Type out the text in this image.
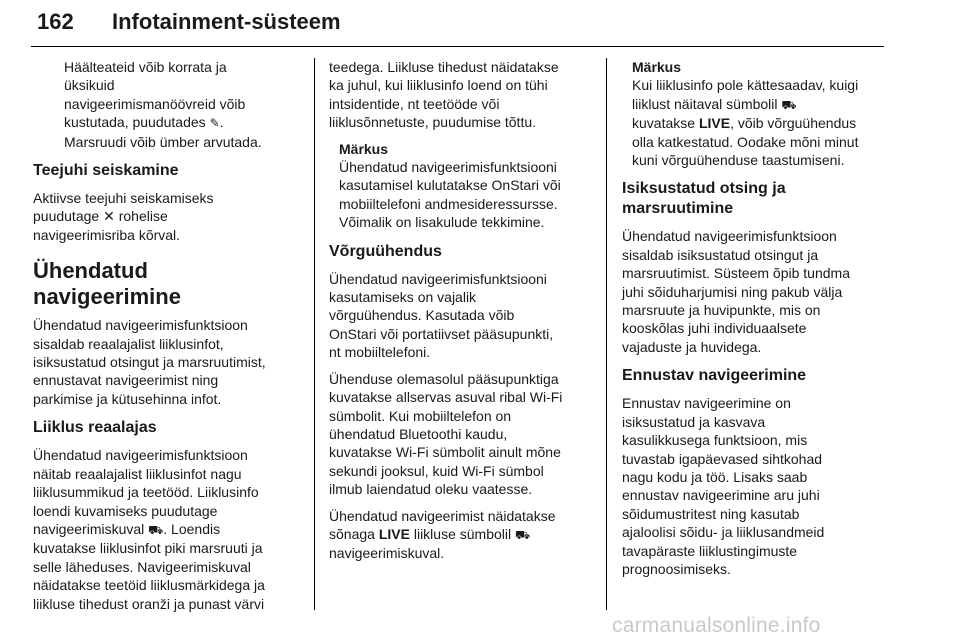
162 Infotainment-süsteem

Häälteateid võib korrata ja
üksikuid
navigeerimismanöövreid võib
kustutada, puudutades ✎.
Marsruudi võib ümber arvutada.

Teejuhi seiskamine

Aktiivse teejuhi seiskamiseks
puudutage ✕ rohelise
navigeerimisriba kõrval.

Ühendatud navigeerimine

Ühendatud navigeerimisfunktsioon
sisaldab reaalajalist liiklusinfot,
isiksustatud otsingut ja marsruutimist,
ennustavat navigeerimist ning
parkimise ja kütusehinna infot.

Liiklus reaalajas

Ühendatud navigeerimisfunktsioon
näitab reaalajalist liiklusinfot nagu
liiklusummikud ja teetööd. Liiklusinfo
loendi kuvamiseks puudutage
navigeerimiskuval ⛟. Loendis
kuvatakse liiklusinfot piki marsruuti ja
selle läheduses. Navigeerimiskuval
näidatakse teetöid liiklusmärkidega ja
liikluse tihedust oranži ja punast värvi

teedega. Liikluse tihedust näidatakse
ka juhul, kui liiklusinfo loend on tühi
intsidentide, nt teetööde või
liiklusõnnetuste, puudumise tõttu.

Märkus
Ühendatud navigeerimisfunktsiooni
kasutamisel kulutatakse OnStari või
mobiiltelefoni andmesideressursse.
Võimalik on lisakulude tekkimine.
Võrguühendus

Ühendatud navigeerimisfunktsiooni
kasutamiseks on vajalik
võrguühendus. Kasutada võib
OnStari või portatiivset pääsupunkti,
nt mobiiltelefoni.

Ühenduse olemasolul pääsupunktiga
kuvatakse allservas asuval ribal Wi-Fi
sümbolit. Kui mobiiltelefon on
ühendatud Bluetoothi kaudu,
kuvatakse Wi-Fi sümbolit ainult mõne
sekundi jooksul, kuid Wi-Fi sümbol
ilmub laiendatud oleku vaatesse.

Ühendatud navigeerimist näidatakse
sõnaga LIVE liikluse sümbolil ⛟
navigeerimiskuval.

Märkus
Kui liiklusinfo pole kättesaadav, kuigi
liiklust näitaval sümbolil ⛟
kuvatakse LIVE, võib võrguühendus
olla katkestatud. Oodake mõni minut
kuni võrguühenduse taastumiseni.
Isiksustatud otsing ja
marsruutimine

Ühendatud navigeerimisfunktsioon
sisaldab isiksustatud otsingut ja
marsruutimist. Süsteem õpib tundma
juhi sõiduharjumisi ning pakub välja
marsruute ja huvipunkte, mis on
kooskõlas juhi individuaalsete
vajaduste ja huvidega.

Ennustav navigeerimine

Ennustav navigeerimine on
isiksustatud ja kasvava
kasulikkusega funktsioon, mis
tuvastab igapäevased sihtkohad
nagu kodu ja töö. Lisaks saab
ennustav navigeerimine aru juhi
sõidumustritest ning kasutab
ajaloolisi sõidu- ja liiklusandmeid
tavapäraste liiklustingimuste
prognoosimiseks.

carmanualsonline.info
